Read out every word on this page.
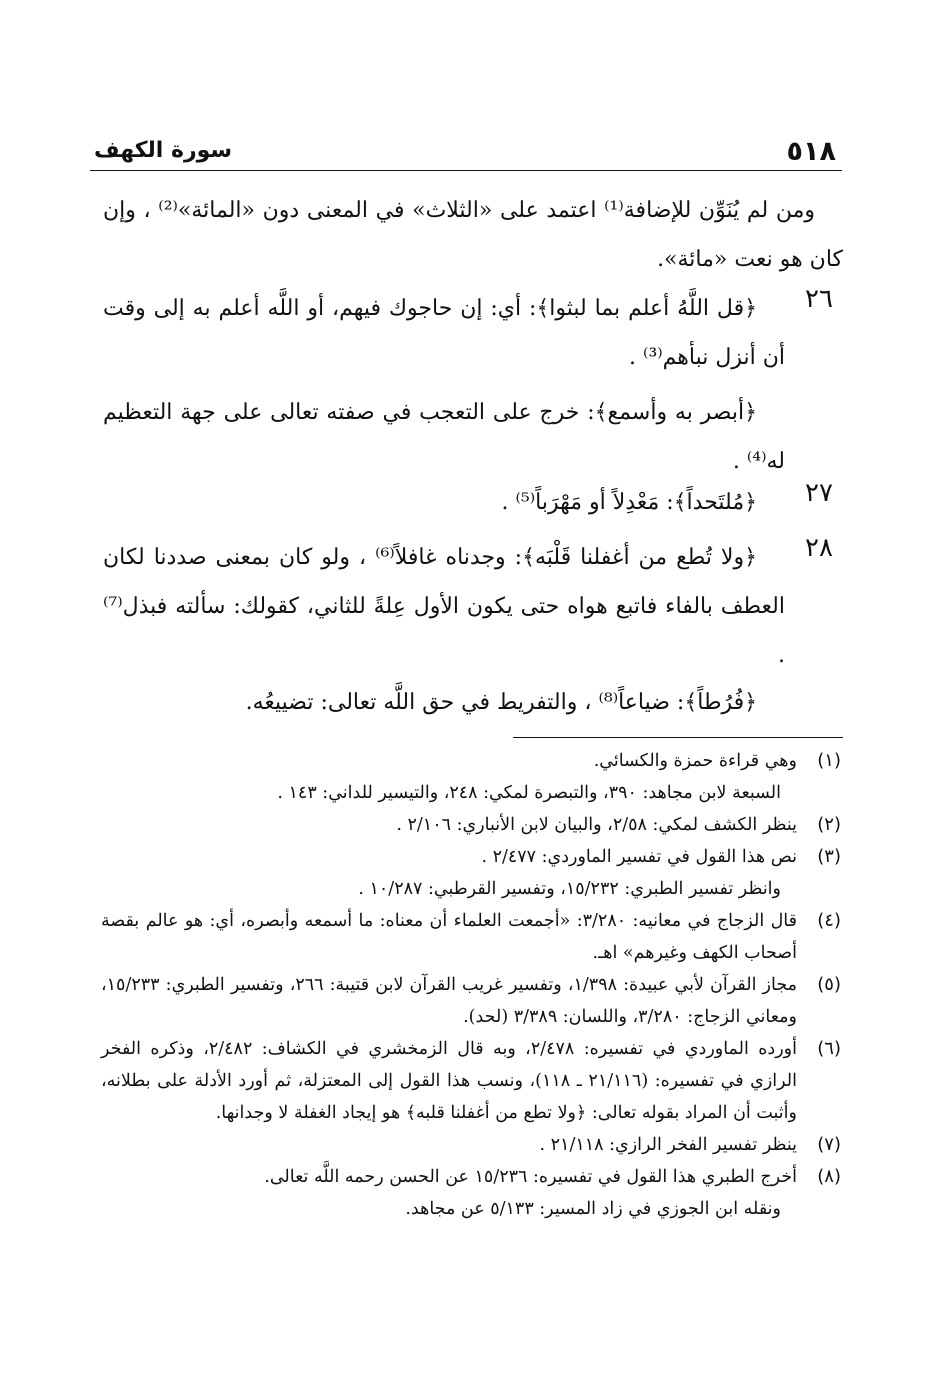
٥١٨
سورة الكهف
ومن لم يُنَوِّن للإضافة⁽¹⁾ اعتمد على «الثلاث» في المعنى دون «المائة»⁽²⁾ ، وإن كان هو نعت «مائة».
٢٦
﴿قل اللَّهُ أعلم بما لبثوا﴾: أي: إن حاجوك فيهم، أو اللَّه أعلم به إلى وقت أن أنزل نبأهم⁽³⁾ .
﴿أبصر به وأسمع﴾: خرج على التعجب في صفته تعالى على جهة التعظيم له⁽⁴⁾ .
٢٧
﴿مُلتَحداً﴾: مَعْدِلاً أو مَهْرَباً⁽⁵⁾ .
٢٨
﴿ولا تُطع من أغفلنا قَلْبَه﴾: وجدناه غافلاً⁽⁶⁾ ، ولو كان بمعنى صددنا لكان العطف بالفاء فاتبع هواه حتى يكون الأول عِلةً للثاني، كقولك: سألته فبذل⁽⁷⁾ .
﴿فُرُطاً﴾: ضياعاً⁽⁸⁾ ، والتفريط في حق اللَّه تعالى: تضييعُه.
(١)
وهي قراءة حمزة والكسائي.
السبعة لابن مجاهد: ٣٩٠، والتبصرة لمكي: ٢٤٨، والتيسير للداني: ١٤٣ .
(٢)
ينظر الكشف لمكي: ٢/٥٨، والبيان لابن الأنباري: ٢/١٠٦ .
(٣)
نص هذا القول في تفسير الماوردي: ٢/٤٧٧ .
وانظر تفسير الطبري: ١٥/٢٣٢، وتفسير القرطبي: ١٠/٢٨٧ .
(٤)
قال الزجاج في معانيه: ٣/٢٨٠: «أجمعت العلماء أن معناه: ما أسمعه وأبصره، أي: هو عالم بقصة أصحاب الكهف وغيرهم» اهـ.
(٥)
مجاز القرآن لأبي عبيدة: ١/٣٩٨، وتفسير غريب القرآن لابن قتيبة: ٢٦٦، وتفسير الطبري: ١٥/٢٣٣، ومعاني الزجاج: ٣/٢٨٠، واللسان: ٣/٣٨٩ (لحد).
(٦)
أورده الماوردي في تفسيره: ٢/٤٧٨، وبه قال الزمخشري في الكشاف: ٢/٤٨٢، وذكره الفخر الرازي في تفسيره: (٢١/١١٦ ـ ١١٨)، ونسب هذا القول إلى المعتزلة، ثم أورد الأدلة على بطلانه، وأثبت أن المراد بقوله تعالى: ﴿ولا تطع من أغفلنا قلبه﴾ هو إيجاد الغفلة لا وجدانها.
(٧)
ينظر تفسير الفخر الرازي: ٢١/١١٨ .
(٨)
أخرج الطبري هذا القول في تفسيره: ١٥/٢٣٦ عن الحسن رحمه اللَّه تعالى.
ونقله ابن الجوزي في زاد المسير: ٥/١٣٣ عن مجاهد.
